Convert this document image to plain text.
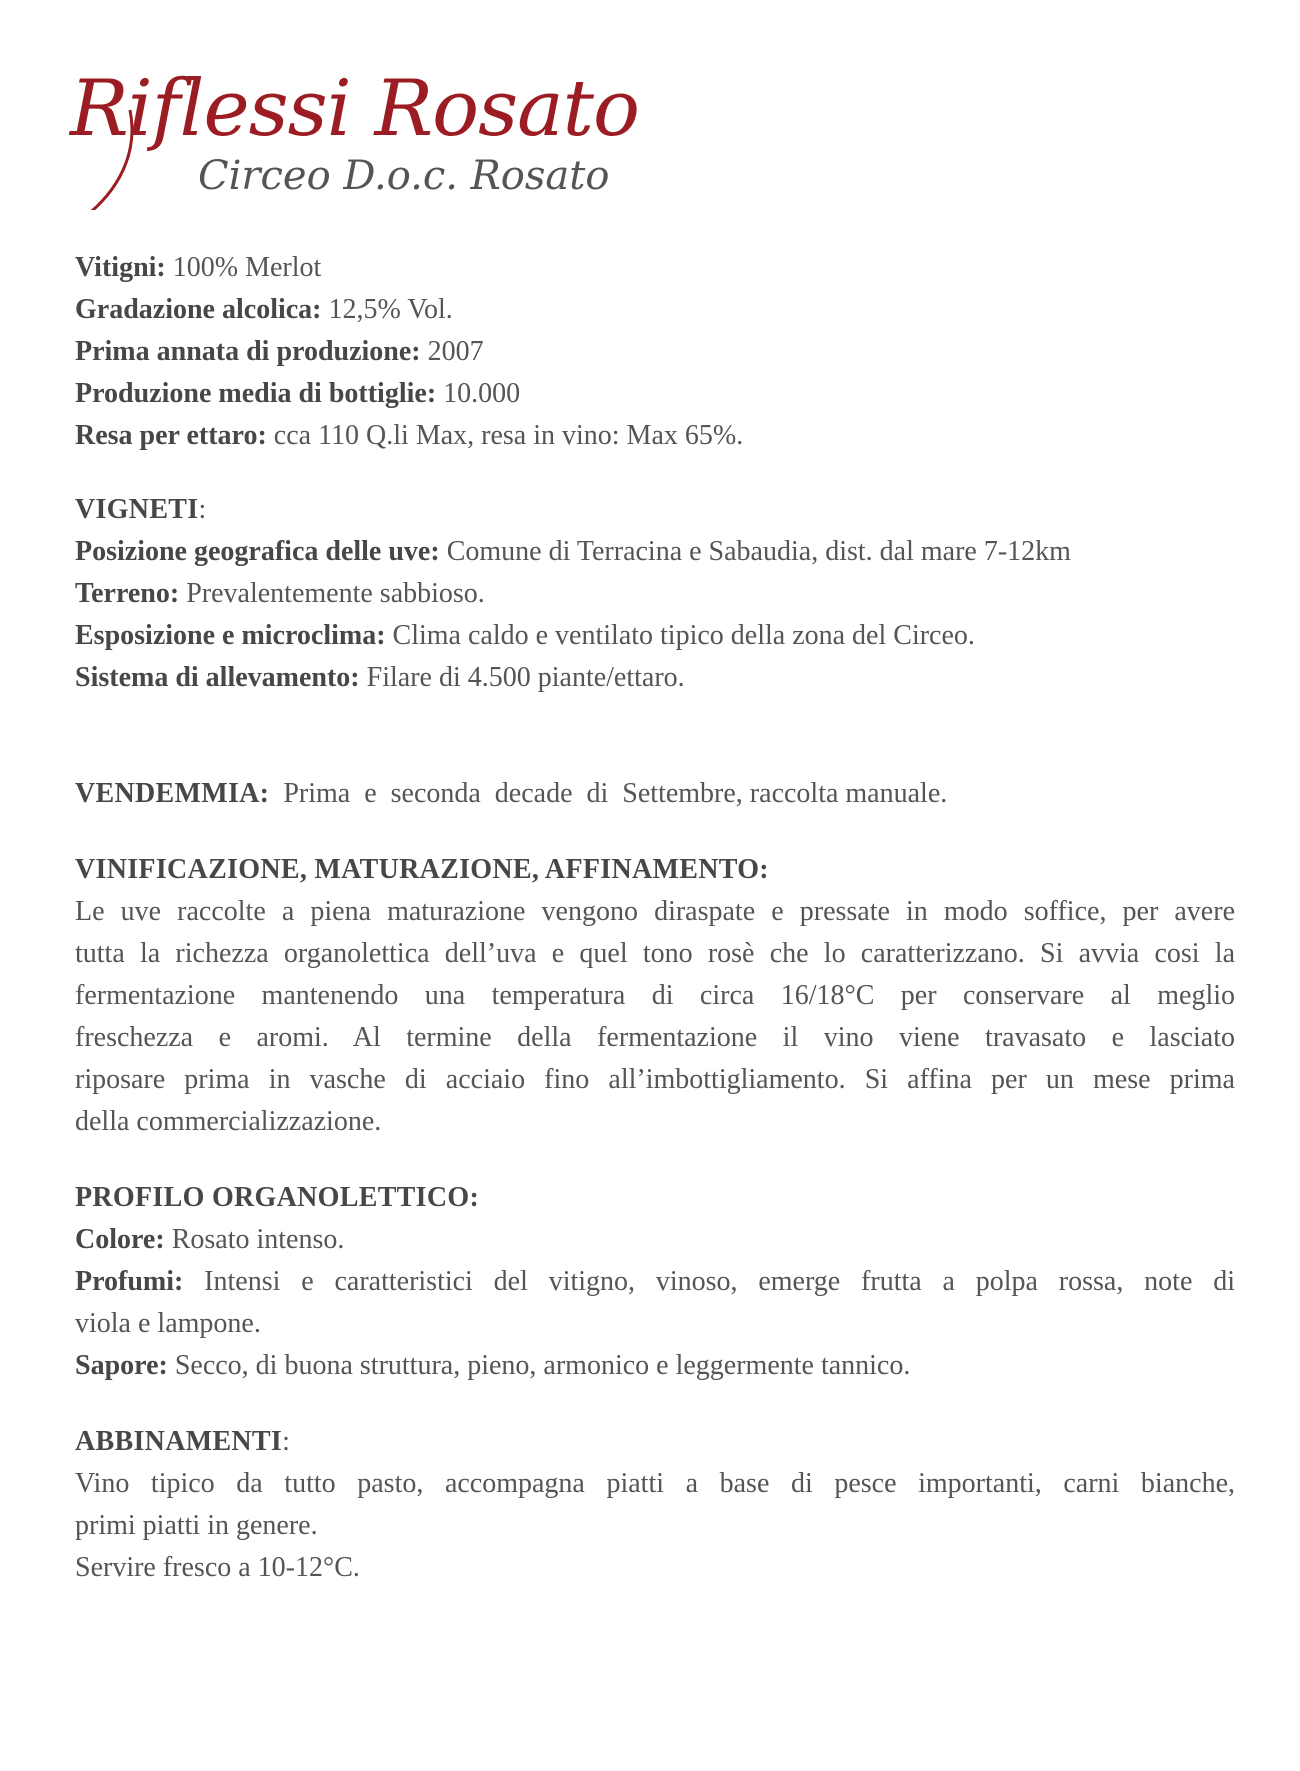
Riflessi Rosato
Circeo D.o.c. Rosato
Vitigni: 100% Merlot
Gradazione alcolica: 12,5% Vol.
Prima annata di produzione: 2007
Produzione media di bottiglie: 10.000
Resa per ettaro: cca 110 Q.li Max, resa in vino: Max 65%.
VIGNETI:
Posizione geografica delle uve: Comune di Terracina e Sabaudia, dist. dal mare 7-12km
Terreno: Prevalentemente sabbioso.
Esposizione e microclima: Clima caldo e ventilato tipico della zona del Circeo.
Sistema di allevamento: Filare di 4.500 piante/ettaro.
VENDEMMIA:  Prima  e  seconda  decade  di  Settembre, raccolta manuale.
VINIFICAZIONE, MATURAZIONE, AFFINAMENTO:
Le uve raccolte a piena maturazione vengono diraspate e pressate in modo soffice, per avere
tutta la richezza organolettica dell’uva e quel tono rosè che lo caratterizzano. Si avvia cosi la
fermentazione mantenendo una temperatura di circa 16/18°C per conservare al meglio
freschezza e aromi. Al termine della fermentazione il vino viene travasato e lasciato
riposare prima in vasche di acciaio fino all’imbottigliamento. Si affina per un mese prima
della commercializzazione.
PROFILO ORGANOLETTICO:
Colore: Rosato intenso.
Profumi: Intensi e caratteristici del vitigno, vinoso, emerge frutta a polpa rossa, note di
viola e lampone.
Sapore: Secco, di buona struttura, pieno, armonico e leggermente tannico.
ABBINAMENTI:
Vino tipico da tutto pasto, accompagna piatti a base di pesce importanti, carni bianche,
primi piatti in genere.
Servire fresco a 10-12°C.
